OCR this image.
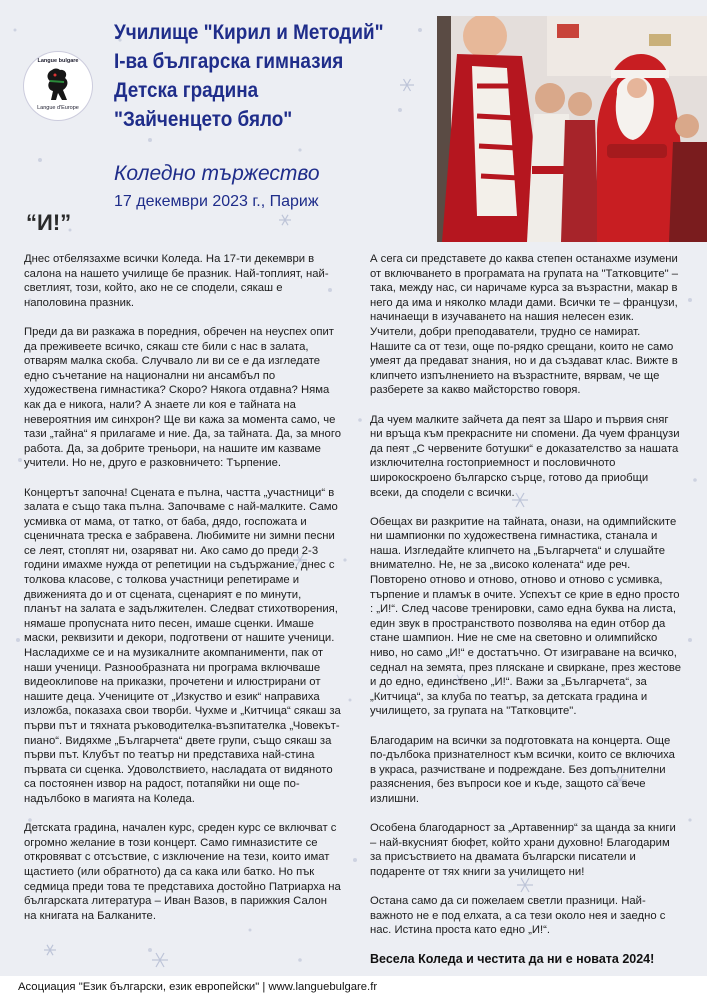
Langue bulgare
Langue d'Europe
Училище "Кирил и Методий"
I-ва българска гимназия
Детска градина
"Зайченцето бяло"
Коледно тържество
17 декември 2023 г., Париж
“И!”

Днес отбелязахме всички Коледа. На 17-ти декември в салона на нашето училище бе празник. Най-топлият, най-светлият, този, който, ако не се сподели, сякаш е наполовина празник.

Преди да ви разкажа в поредния, обречен на неуспех опит да преживеете всичко, сякаш сте били с нас в залата, отварям малка скоба. Случвало ли ви се е да изгледате едно съчетание на национални ни ансамбъл по художествена гимнастика? Скоро? Някога отдавна? Няма как да е никога, нали? А знаете ли коя е тайната на невероятния им синхрон? Ще ви кажа за момента само, че тази „тайна“ я прилагаме и ние. Да, за тайната. Да, за много работа. Да, за добрите треньори, на нашите им казваме учители. Но не, друго е разковничето: Търпение.

Концертът започна! Сцената е пълна, частта „участници“ в залата е също така пълна. Започваме с най-малките. Само усмивка от мама, от татко, от баба, дядо, госпожата и сценичната треска е забравена. Любимите ни зимни песни се леят, стоплят ни, озаряват ни. Ако само до преди 2-3 години имахме нужда от репетиции на съдържание, днес с толкова класове, с толкова участници репетираме и движенията до и от сцената, сценарият е по минути, планът на залата е задължителен. Следват стихотворения, нямаше пропусната нито песен, имаше сценки. Имаше маски, реквизити и декори, подготвени от нашите ученици. Насладихме се и на музикалните акомпанименти, пак от наши ученици. Разнообразната ни програма включваше видеоклипове на приказки, прочетени и илюстрирани от нашите деца. Учениците от „Изкуство и език“ направиха изложба, показаха свои творби. Чухме и „Китчица“ сякаш за първи път и тяхната ръководителка-възпитателка „Човекът-пиано“. Видяхме „Българчета“ двете групи, също сякаш за първи път. Клубът по театър ни представиха най-стина първата си сценка. Удоволствието, насладата от видяното са постоянен извор на радост, потапяйки ни още по-надълбоко в магията на Коледа.

Детската градина, начален курс, среден курс се включват с огромно желание в този концерт. Само гимназистите се откровяват с отсъствие, с изключение на тези, които имат щастието (или обратното) да са кака или батко. Но пък седмица преди това те представиха достойно Патриарха на българската литература – Иван Вазов, в парижкия Салон на книгата на Балканите.

А сега си представете до каква степен останахме изумени от включването в програмата на групата на "Татковците" – така, между нас, си наричаме курса за възрастни, макар в него да има и няколко млади дами. Всички те – французи, начинаещи в изучаването на нашия нелесен език. Учители, добри преподаватели, трудно се намират. Нашите са от тези, още по-рядко срещани, които не само умеят да предават знания, но и да създават клас. Вижте в клипчето изпълнението на възрастните, вярвам, че ще разберете за какво майсторство говоря.

Да чуем малките зайчета да пеят за Шаро и първия сняг ни връща към прекрасните ни спомени. Да чуем французи да пеят „С червените ботушки“ е доказателство за нашата изключителна гостоприемност и пословичното широкоскроено българско сърце, готово да приобщи всеки, да сподели с всички.

Обещах ви разкритие на тайната, онази, на одимпийските ни шампионки по художествена гимнастика, станала и наша. Изгледайте клипчето на „Българчета“ и слушайте внимателно. Не, не за „високо колената“ иде реч. Повторено отново и отново, отново и отново с усмивка, търпение и пламък в очите. Успехът се крие в едно просто : „И!“. След часове тренировки, само една буква на листа, един звук в пространството позволява на един отбор да стане шампион. Ние не сме на световно и олимпийско ниво, но само „И!“ е достатъчно. От изиграване на всичко, седнал на земята, през пляскане и свиркане, през жестове и до едно, единствено „И!“. Важи за „Българчета“, за „Китчица“, за клуба по театър, за детската градина и училището, за групата на "Татковците".

Благодарим на всички за подготовката на концерта. Още по-дълбока признателност към всички, които се включиха в украса, разчистване и подреждане. Без допълнителни разяснения, без въпроси кое и къде, защото са вече излишни.

Особена благодарност за „Артавеннир“ за щанда за книги – най-вкусният бюфет, който храни духовно! Благодарим за присъствието на двамата български писатели и подаренте от тях книги за училището ни!

Остана само да си пожелаем светли празници. Най-важното не е под елхата, а са тези около нея и заедно с нас. Истина проста като едно „И!“.

Весела Коледа и честита да ни е новата 2024!
Асоциация "Език български, език европейски" | www.languebulgare.fr
